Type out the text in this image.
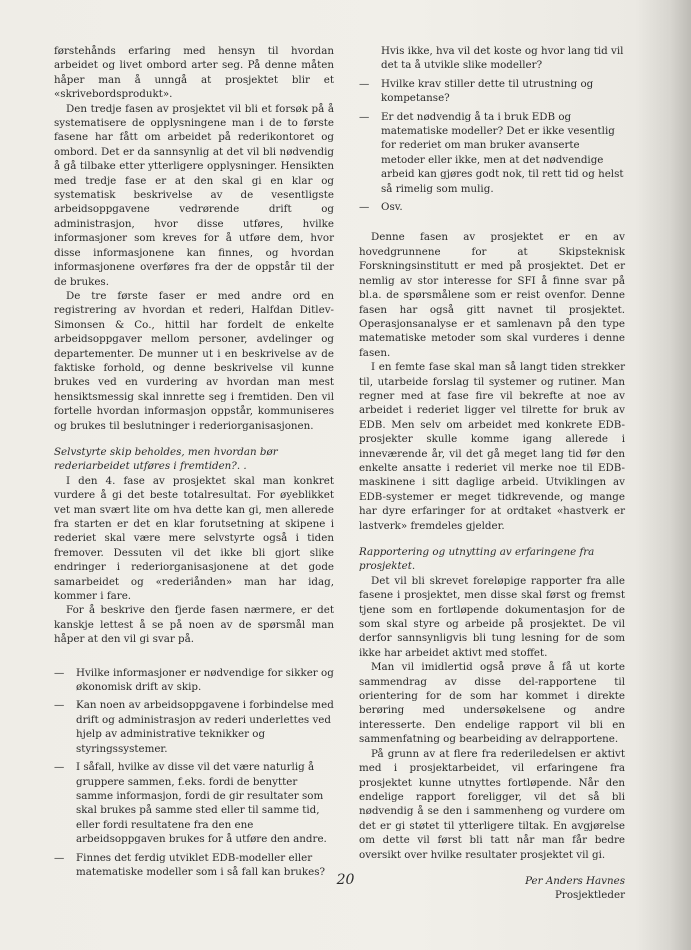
førstehånds erfaring med hensyn til hvordan arbeidet og livet ombord arter seg. På denne måten håper man å unngå at prosjektet blir et «skrivebordsprodukt».

Den tredje fasen av prosjektet vil bli et forsøk på å systematisere de opplysningene man i de to første fasene har fått om arbeidet på rederikontoret og ombord. Det er da sannsynlig at det vil bli nødvendig å gå tilbake etter ytterligere opplysninger. Hensikten med tredje fase er at den skal gi en klar og systematisk beskrivelse av de vesentligste arbeidsoppgavene vedrørende drift og administrasjon, hvor disse utføres, hvilke informasjoner som kreves for å utføre dem, hvor disse informasjonene kan finnes, og hvordan informasjonene overføres fra der de oppstår til der de brukes.

De tre første faser er med andre ord en registrering av hvordan et rederi, Halfdan Ditlev-Simonsen & Co., hittil har fordelt de enkelte arbeidsoppgaver mellom personer, avdelinger og departementer. De munner ut i en beskrivelse av de faktiske forhold, og denne beskrivelse vil kunne brukes ved en vurdering av hvordan man mest hensiktsmessig skal innrette seg i fremtiden. Den vil fortelle hvordan informasjon oppstår, kommuniseres og brukes til beslutninger i rederiorganisasjonen.

Selvstyrte skip beholdes, men hvordan bør rederiarbeidet utføres i fremtiden?. .

I den 4. fase av prosjektet skal man konkret vurdere å gi det beste totalresultat. For øyeblikket vet man svært lite om hva dette kan gi, men allerede fra starten er det en klar forutsetning at skipene i rederiet skal være mere selvstyrte også i tiden fremover. Dessuten vil det ikke bli gjort slike endringer i rederiorganisasjonene at det gode samarbeidet og «rederiånden» man har idag, kommer i fare.

For å beskrive den fjerde fasen nærmere, er det kanskje lettest å se på noen av de spørsmål man håper at den vil gi svar på.

— Hvilke informasjoner er nødvendige for sikker og økonomisk drift av skip.
— Kan noen av arbeidsoppgavene i forbindelse med drift og administrasjon av rederi underlettes ved hjelp av administrative teknikker og styringssystemer.
— I såfall, hvilke av disse vil det være naturlig å gruppere sammen, f.eks. fordi de benytter samme informasjon, fordi de gir resultater som skal brukes på samme sted eller til samme tid, eller fordi resultatene fra den ene arbeidsoppgaven brukes for å utføre den andre.
— Finnes det ferdig utviklet EDB-modeller eller matematiske modeller som i så fall kan brukes?
Hvis ikke, hva vil det koste og hvor lang tid vil det ta å utvikle slike modeller?
— Hvilke krav stiller dette til utrustning og kompetanse?
— Er det nødvendig å ta i bruk EDB og matematiske modeller? Det er ikke vesentlig for rederiet om man bruker avanserte metoder eller ikke, men at det nødvendige arbeid kan gjøres godt nok, til rett tid og helst så rimelig som mulig.
— Osv.

Denne fasen av prosjektet er en av hovedgrunnene for at Skipsteknisk Forskningsinstitutt er med på prosjektet. Det er nemlig av stor interesse for SFI å finne svar på bl.a. de spørsmålene som er reist ovenfor. Denne fasen har også gitt navnet til prosjektet. Operasjonsanalyse er et samlenavn på den type matematiske metoder som skal vurderes i denne fasen.

I en femte fase skal man så langt tiden strekker til, utarbeide forslag til systemer og rutiner. Man regner med at fase fire vil bekrefte at noe av arbeidet i rederiet ligger vel tilrette for bruk av EDB. Men selv om arbeidet med konkrete EDB-prosjekter skulle komme igang allerede i inneværende år, vil det gå meget lang tid før den enkelte ansatte i rederiet vil merke noe til EDB-maskinene i sitt daglige arbeid. Utviklingen av EDB-systemer er meget tidkrevende, og mange har dyre erfaringer for at ordtaket «hastverk er lastverk» fremdeles gjelder.

Rapportering og utnytting av erfaringene fra prosjektet.

Det vil bli skrevet foreløpige rapporter fra alle fasene i prosjektet, men disse skal først og fremst tjene som en fortløpende dokumentasjon for de som skal styre og arbeide på prosjektet. De vil derfor sannsynligvis bli tung lesning for de som ikke har arbeidet aktivt med stoffet.

Man vil imidlertid også prøve å få ut korte sammendrag av disse del-rapportene til orientering for de som har kommet i direkte berøring med undersøkelsene og andre interesserte. Den endelige rapport vil bli en sammenfatning og bearbeiding av delrapportene.

På grunn av at flere fra rederiledelsen er aktivt med i prosjektarbeidet, vil erfaringene fra prosjektet kunne utnyttes fortløpende. Når den endelige rapport foreligger, vil det så bli nødvendig å se den i sammenheng og vurdere om det er gi støtet til ytterligere tiltak. En avgjørelse om dette vil først bli tatt når man får bedre oversikt over hvilke resultater prosjektet vil gi.

Per Anders Havnes
Prosjektleder
20
